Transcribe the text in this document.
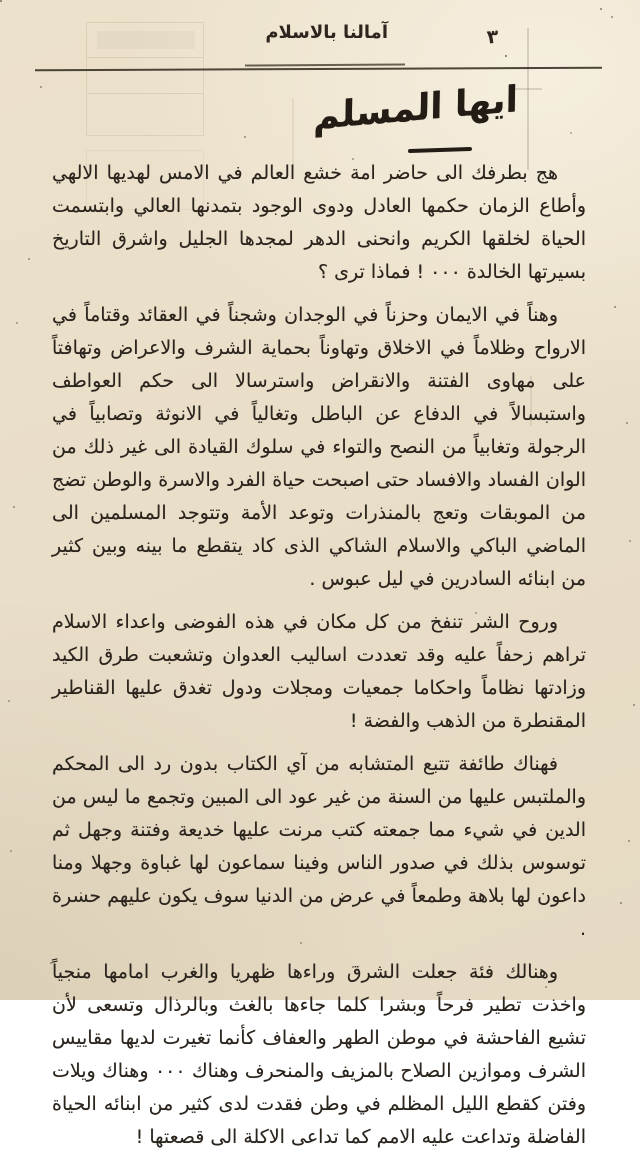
آمالنا بالاسلام	٣
ايها المسلم

هج بطرفك الى حاضر امة خشع العالم في الامس لهديها الالهي وأطاع الزمان حكمها العادل ودوى الوجود بتمدنها العالي وابتسمت الحياة لخلقها الكريم وانحنى الدهر لمجدها الجليل واشرق التاريخ بسيرتها الخالدة ٠٠٠ ! فماذا ترى ؟

وهناً في الايمان وحزناً في الوجدان وشجناً في العقائد وقتاماً في الارواح وظلاماً في الاخلاق وتهاوناً بحماية الشرف والاعراض وتهافتاً على مهاوى الفتنة والانقراض واسترسالا الى حكم العواطف واستبسالاً في الدفاع عن الباطل وتغالياً في الانوثة وتصابياً في الرجولة وتغابياً من النصح والتواء في سلوك القيادة الى غير ذلك من الوان الفساد والافساد حتى اصبحت حياة الفرد والاسرة والوطن تضج من الموبقات وتعج بالمنذرات وتوعد الأمة وتتوجد المسلمين الى الماضي الباكي والاسلام الشاكي الذى كاد يتقطع ما بينه وبين كثير من ابنائه السادرين في ليل عبوس .

وروح الشر تنفخ من كل مكان في هذه الفوضى واعداء الاسلام تراهم زحفاً عليه وقد تعددت اساليب العدوان وتشعبت طرق الكيد وزادتها نظاماً واحكاما جمعيات ومجلات ودول تغدق عليها القناطير المقنطرة من الذهب والفضة !

فهناك طائفة تتبع المتشابه من آي الكتاب بدون رد الى المحكم والملتبس عليها من السنة من غير عود الى المبين وتجمع ما ليس من الدين في شيء مما جمعته كتب مرنت عليها خديعة وفتنة وجهل ثم توسوس بذلك في صدور الناس وفينا سماعون لها غباوة وجهلا ومنا داعون لها بلاهة وطمعاً في عرض من الدنيا سوف يكون عليهم حسرة .

وهنالك فئة جعلت الشرق وراءها ظهريا والغرب امامها منجياً واخذت تطير فرحاً وبشرا كلما جاءها بالغث وبالرذال وتسعى لأن تشيع الفاحشة في موطن الطهر والعفاف كأنما تغيرت لديها مقاييس الشرف وموازين الصلاح بالمزيف والمنحرف وهناك ٠٠٠ وهناك ويلات وفتن كقطع الليل المظلم في وطن فقدت لدى كثير من ابنائه الحياة الفاضلة وتداعت عليه الامم كما تداعى الاكلة الى قصعتها !
